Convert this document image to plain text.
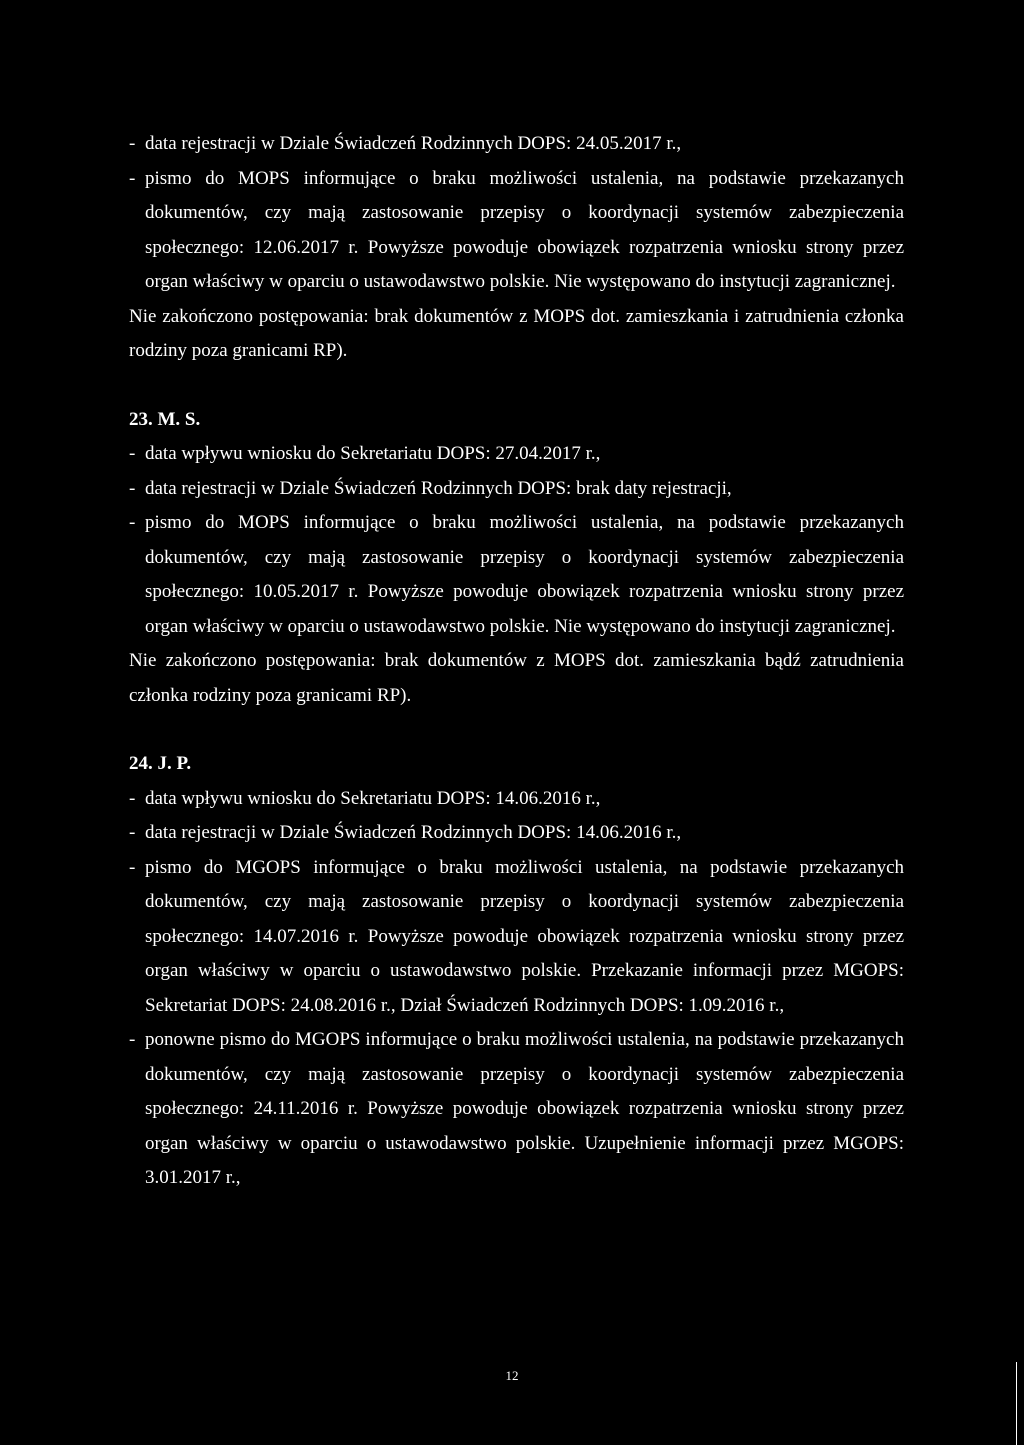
- data rejestracji w Dziale Świadczeń Rodzinnych DOPS: 24.05.2017 r.,

- pismo do MOPS informujące o braku możliwości ustalenia, na podstawie przekazanych dokumentów, czy mają zastosowanie przepisy o koordynacji systemów zabezpieczenia społecznego: 12.06.2017 r. Powyższe powoduje obowiązek rozpatrzenia wniosku strony przez organ właściwy w oparciu o ustawodawstwo polskie. Nie występowano do instytucji zagranicznej.

Nie zakończono postępowania: brak dokumentów z MOPS dot. zamieszkania i zatrudnienia członka rodziny poza granicami RP).

23. M. S.

- data wpływu wniosku do Sekretariatu DOPS: 27.04.2017 r.,

- data rejestracji w Dziale Świadczeń Rodzinnych DOPS: brak daty rejestracji,

- pismo do MOPS informujące o braku możliwości ustalenia, na podstawie przekazanych dokumentów, czy mają zastosowanie przepisy o koordynacji systemów zabezpieczenia społecznego: 10.05.2017 r. Powyższe powoduje obowiązek rozpatrzenia wniosku strony przez organ właściwy w oparciu o ustawodawstwo polskie. Nie występowano do instytucji zagranicznej.

Nie zakończono postępowania: brak dokumentów z MOPS dot. zamieszkania bądź zatrudnienia członka rodziny poza granicami RP).

24. J. P.

- data wpływu wniosku do Sekretariatu DOPS: 14.06.2016 r.,

- data rejestracji w Dziale Świadczeń Rodzinnych DOPS: 14.06.2016 r.,

- pismo do MGOPS informujące o braku możliwości ustalenia, na podstawie przekazanych dokumentów, czy mają zastosowanie przepisy o koordynacji systemów zabezpieczenia społecznego: 14.07.2016 r. Powyższe powoduje obowiązek rozpatrzenia wniosku strony przez organ właściwy w oparciu o ustawodawstwo polskie. Przekazanie informacji przez MGOPS: Sekretariat DOPS: 24.08.2016 r., Dział Świadczeń Rodzinnych DOPS: 1.09.2016 r.,

- ponowne pismo do MGOPS informujące o braku możliwości ustalenia, na podstawie przekazanych dokumentów, czy mają zastosowanie przepisy o koordynacji systemów zabezpieczenia społecznego: 24.11.2016 r. Powyższe powoduje obowiązek rozpatrzenia wniosku strony przez organ właściwy w oparciu o ustawodawstwo polskie. Uzupełnienie informacji przez MGOPS: 3.01.2017 r.,

12
